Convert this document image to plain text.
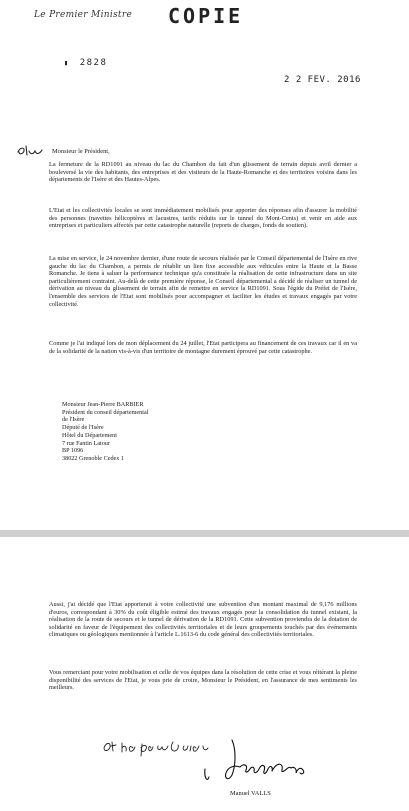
Le Premier Ministre COPIE
▮ 2828
2 2 FEV. 2016
Monsieur le Président,

La fermeture de la RD1091 au niveau du lac du Chambon du fait d'un glissement de terrain depuis avril dernier a bouleversé la vie des habitants, des entreprises et des visiteurs de la Haute-Romanche et des territoires voisins dans les départements de l'Isère et des Hautes-Alpes.

L'Etat et les collectivités locales se sont immédiatement mobilisés pour apporter des réponses afin d'assurer la mobilité des personnes (navettes hélicoptères et lacustres, tarifs réduits sur le tunnel du Mont-Cenis) et venir en aide aux entreprises et particuliers affectés par cette catastrophe naturelle (reports de charges, fonds de soutien).

La mise en service, le 24 novembre dernier, d'une route de secours réalisée par le Conseil départemental de l'Isère en rive gauche du lac du Chambon, a permis de rétablir un lien fixe accessible aux véhicules entre la Haute et la Basse Romanche. Je tiens à saluer la performance technique qu'a constituée la réalisation de cette infrastructure dans un site particulièrement contraint. Au-delà de cette première réponse, le Conseil départemental a décidé de réaliser un tunnel de dérivation au niveau du glissement de terrain afin de remettre en service la RD1091. Sous l'égide du Préfet de l'Isère, l'ensemble des services de l'Etat sont mobilisés pour accompagner et faciliter les études et travaux engagés par votre collectivité.

Comme je l'ai indiqué lors de mon déplacement du 24 juillet, l'Etat participera au financement de ces travaux car il en va de la solidarité de la nation vis-à-vis d'un territoire de montagne durement éprouvé par cette catastrophe.

Monsieur Jean-Pierre BARBIER
Président du conseil départemental
de l'Isère
Député de l'Isère
Hôtel du Département
7 rue Fantin Latour
BP 1096
38022 Grenoble Cedex 1

Aussi, j'ai décidé que l'Etat apporterait à votre collectivité une subvention d'un montant maximal de 9,176 millions d'euros, correspondant à 30% du coût éligible estimé des travaux engagés pour la consolidation du tunnel existant, la réalisation de la route de secours et le tunnel de dérivation de la RD1091. Cette subvention proviendra de la dotation de solidarité en faveur de l'équipement des collectivités territoriales et de leurs groupements touchés par des événements climatiques ou géologiques mentionnée à l'article L.1613-6 du code général des collectivités territoriales.

Vous remerciant pour votre mobilisation et celle de vos équipes dans la résolution de cette crise et vous réitérant la pleine disponibilité des services de l'Etat, je vous prie de croire, Monsieur le Président, en l'assurance de mes sentiments les meilleurs.

Manuel VALLS
